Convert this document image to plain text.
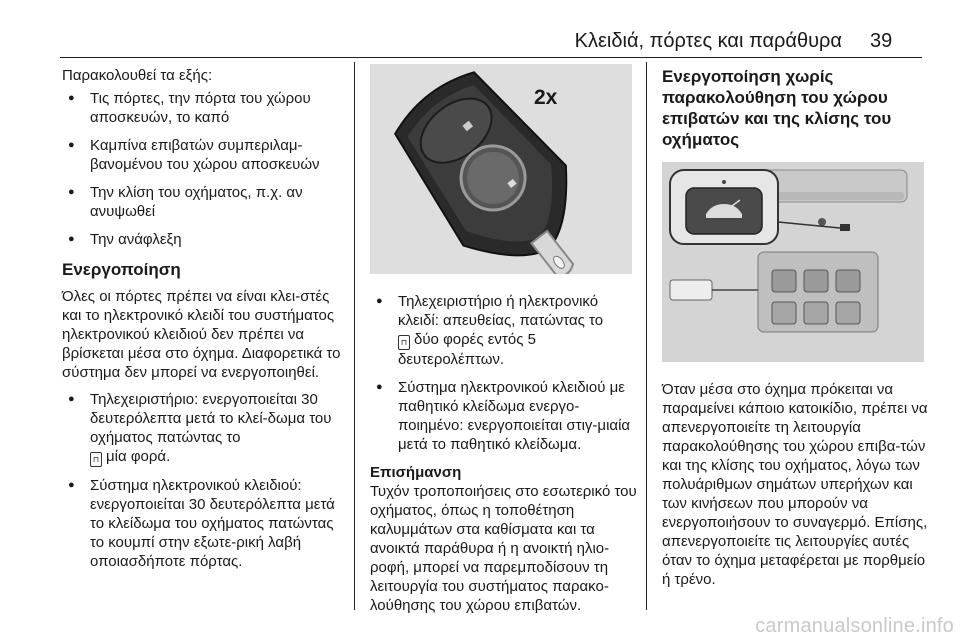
Κλειδιά, πόρτες και παράθυρα 39

Παρακολουθεί τα εξής:

● Τις πόρτες, την πόρτα του χώρου αποσκευών, το καπό
● Καμπίνα επιβατών συμπεριλαμ-βανομένου του χώρου αποσκευών
● Την κλίση του οχήματος, π.χ. αν ανυψωθεί
● Την ανάφλεξη
Ενεργοποίηση

Όλες οι πόρτες πρέπει να είναι κλει-στές και το ηλεκτρονικό κλειδί του συστήματος ηλεκτρονικού κλειδιού δεν πρέπει να βρίσκεται μέσα στο όχημα. Διαφορετικά το σύστημα δεν μπορεί να ενεργοποιηθεί.

● Τηλεχειριστήριο: ενεργοποιείται 30 δευτερόλεπτα μετά το κλεί-δωμα του οχήματος πατώντας το
⊓ μία φορά.
● Σύστημα ηλεκτρονικού κλειδιού: ενεργοποιείται 30 δευτερόλεπτα μετά το κλείδωμα του οχήματος πατώντας το κουμπί στην εξωτε-ρική λαβή οποιασδήποτε πόρτας.
2x
● Τηλεχειριστήριο ή ηλεκτρονικό κλειδί: απευθείας, πατώντας το
⊓ δύο φορές εντός 5 δευτερολέπτων.
● Σύστημα ηλεκτρονικού κλειδιού με παθητικό κλείδωμα ενεργο-ποιημένο: ενεργοποιείται στιγ-μιαία μετά το παθητικό κλείδωμα.
Επισήμανση

Τυχόν τροποποιήσεις στο εσωτερικό του οχήματος, όπως η τοποθέτηση καλυμμάτων στα καθίσματα και τα ανοικτά παράθυρα ή η ανοικτή ηλιο-ροφή, μπορεί να παρεμποδίσουν τη λειτουργία του συστήματος παρακο-λούθησης του χώρου επιβατών.

Ενεργοποίηση χωρίς παρακολούθηση του χώρου επιβατών και της κλίσης του οχήματος

Όταν μέσα στο όχημα πρόκειται να παραμείνει κάποιο κατοικίδιο, πρέπει να απενεργοποιείτε τη λειτουργία παρακολούθησης του χώρου επιβα-τών και της κλίσης του οχήματος, λόγω των πολυάριθμων σημάτων υπερήχων και των κινήσεων που μπορούν να ενεργοποιήσουν το συναγερμό. Επίσης, απενεργοποιείτε τις λειτουργίες αυτές όταν το όχημα μεταφέρεται με πορθμείο ή τρένο.

carmanualsonline.info
